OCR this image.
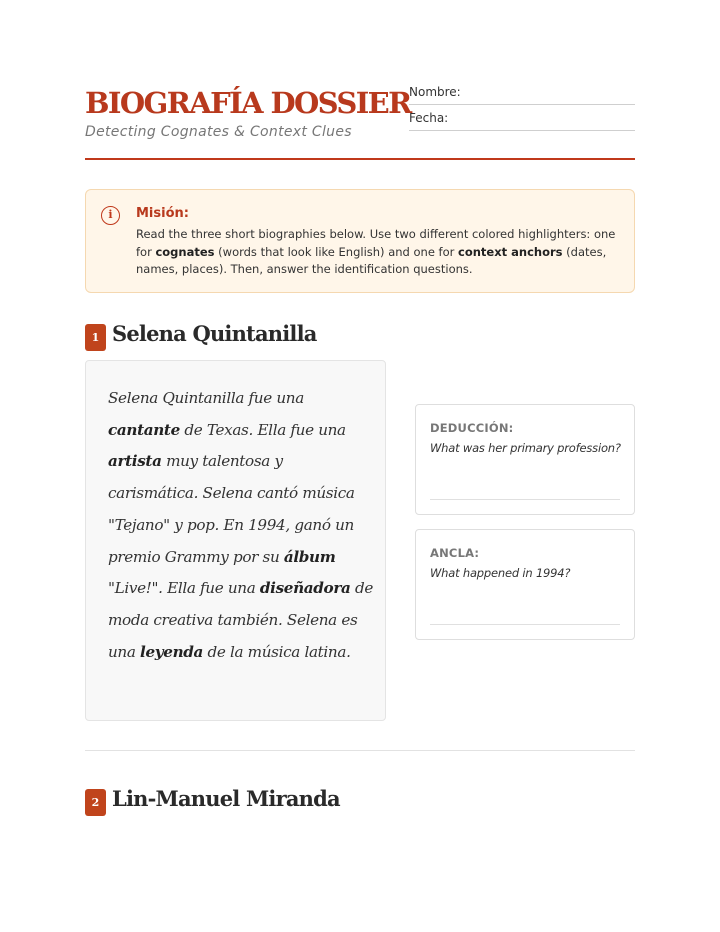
BIOGRAFÍA DOSSIER
Detecting Cognates & Context Clues
Nombre:
Fecha:
i	Misión:
Read the three short biographies below. Use two different colored highlighters: one for cognates (words that look like English) and one for context anchors (dates, names, places). Then, answer the identification questions.
1 Selena Quintanilla
Selena Quintanilla fue una cantante de Texas. Ella fue una artista muy talentosa y carismática. Selena cantó música "Tejano" y pop. En 1994, ganó un premio Grammy por su álbum "Live!". Ella fue una diseñadora de moda creativa también. Selena es una leyenda de la música latina.
DEDUCCIÓN:
What was her primary profession?
ANCLA:
What happened in 1994?
2 Lin-Manuel Miranda
